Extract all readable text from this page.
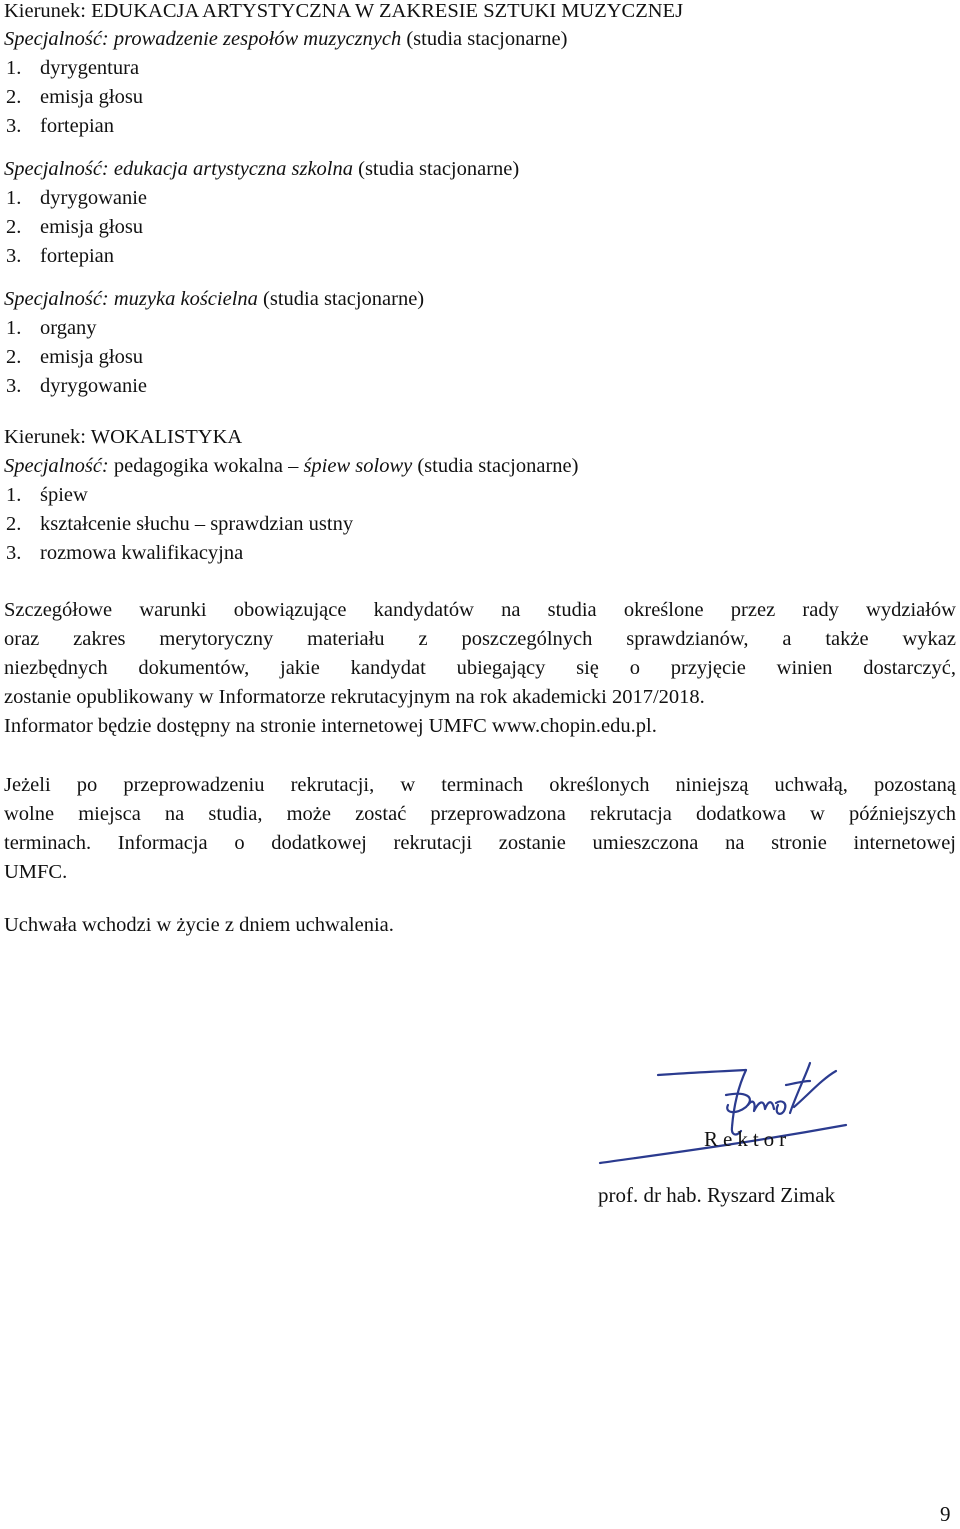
Kierunek: EDUKACJA ARTYSTYCZNA W ZAKRESIE SZTUKI MUZYCZNEJ
Specjalność: prowadzenie zespołów muzycznych (studia stacjonarne)
1. dyrygentura
2. emisja głosu
3. fortepian
Specjalność: edukacja artystyczna szkolna (studia stacjonarne)
1. dyrygowanie
2. emisja głosu
3. fortepian
Specjalność: muzyka kościelna (studia stacjonarne)
1. organy
2. emisja głosu
3. dyrygowanie
Kierunek: WOKALISTYKA
Specjalność: pedagogika wokalna – śpiew solowy (studia stacjonarne)
1. śpiew
2. kształcenie słuchu – sprawdzian ustny
3. rozmowa kwalifikacyjna
Szczegółowe warunki obowiązujące kandydatów na studia określone przez rady wydziałów
oraz zakres merytoryczny materiału z poszczególnych sprawdzianów, a także wykaz
niezbędnych dokumentów, jakie kandydat ubiegający się o przyjęcie winien dostarczyć,
zostanie opublikowany w Informatorze rekrutacyjnym na rok akademicki 2017/2018.
Informator będzie dostępny na stronie internetowej UMFC www.chopin.edu.pl.
Jeżeli po przeprowadzeniu rekrutacji, w terminach określonych niniejszą uchwałą, pozostaną
wolne miejsca na studia, może zostać przeprowadzona rekrutacja dodatkowa w późniejszych
terminach. Informacja o dodatkowej rekrutacji zostanie umieszczona na stronie internetowej
UMFC.
Uchwała wchodzi w życie z dniem uchwalenia.
Rektor
prof. dr hab. Ryszard Zimak
9
